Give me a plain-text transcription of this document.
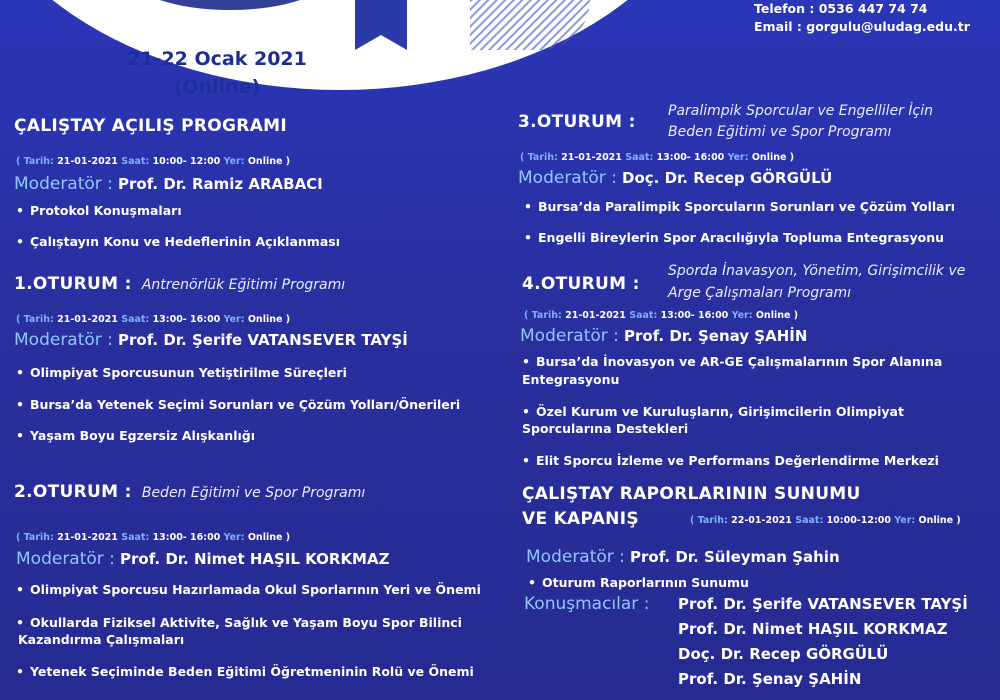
Telefon : 0536 447 74 74
Email : gorgulu@uludag.edu.tr
21-22 Ocak 2021
(Online)
ÇALIŞTAY AÇILIŞ PROGRAMI
( Tarih: 21-01-2021 Saat: 10:00- 12:00 Yer: Online )
Moderatör : Prof. Dr. Ramiz ARABACI
• Protokol Konuşmaları
• Çalıştayın Konu ve Hedeflerinin Açıklanması
1.OTURUM : Antrenörlük Eğitimi Programı
( Tarih: 21-01-2021 Saat: 13:00- 16:00 Yer: Online )
Moderatör : Prof. Dr. Şerife VATANSEVER TAYŞİ
• Olimpiyat Sporcusunun Yetiştirilme Süreçleri
• Bursa’da Yetenek Seçimi Sorunları ve Çözüm Yolları/Önerileri
• Yaşam Boyu Egzersiz Alışkanlığı
2.OTURUM : Beden Eğitimi ve Spor Programı
( Tarih: 21-01-2021 Saat: 13:00- 16:00 Yer: Online )
Moderatör : Prof. Dr. Nimet HAŞIL KORKMAZ
• Olimpiyat Sporcusu Hazırlamada Okul Sporlarının Yeri ve Önemi
• Okullarda Fiziksel Aktivite, Sağlık ve Yaşam Boyu Spor Bilinci
Kazandırma Çalışmaları
• Yetenek Seçiminde Beden Eğitimi Öğretmeninin Rolü ve Önemi
3.OTURUM :
Paralimpik Sporcular ve Engelliler İçin
Beden Eğitimi ve Spor Programı
( Tarih: 21-01-2021 Saat: 13:00- 16:00 Yer: Online )
Moderatör : Doç. Dr. Recep GÖRGÜLÜ
• Bursa’da Paralimpik Sporcuların Sorunları ve Çözüm Yolları
• Engelli Bireylerin Spor Aracılığıyla Topluma Entegrasyonu
4.OTURUM :
Sporda İnavasyon, Yönetim, Girişimcilik ve
Arge Çalışmaları Programı
( Tarih: 21-01-2021 Saat: 13:00- 16:00 Yer: Online )
Moderatör : Prof. Dr. Şenay ŞAHİN
• Bursa’da İnovasyon ve AR-GE Çalışmalarının Spor Alanına
Entegrasyonu
• Özel Kurum ve Kuruluşların, Girişimcilerin Olimpiyat
Sporcularına Destekleri
• Elit Sporcu İzleme ve Performans Değerlendirme Merkezi
ÇALIŞTAY RAPORLARININ SUNUMU
VE KAPANIŞ	( Tarih: 22-01-2021 Saat: 10:00-12:00 Yer: Online )
Moderatör : Prof. Dr. Süleyman Şahin
• Oturum Raporlarının Sunumu
Konuşmacılar : Prof. Dr. Şerife VATANSEVER TAYŞİ
Prof. Dr. Nimet HAŞIL KORKMAZ
Doç. Dr. Recep GÖRGÜLÜ
Prof. Dr. Şenay ŞAHİN
